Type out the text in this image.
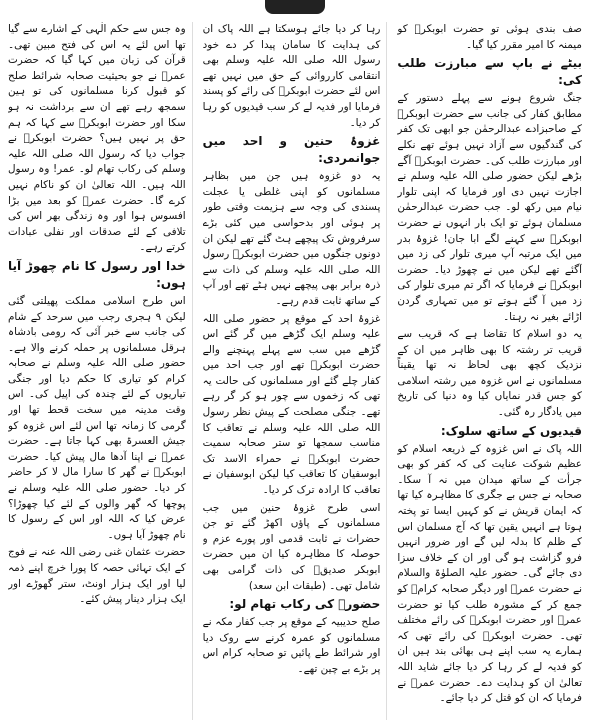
صف بندی ہوئی تو حضرت ابوبکرؓ کو میمنہ کا امیر مقرر کیا گیا۔

بیٹے نے باپ سے مبارزت طلب کی:

جنگ شروع ہونے سے پہلے دستور کے مطابق کفار کی جانب سے حضرت ابوبکرؓ کے صاحبزادے عبدالرحمٰن جو ابھی تک کفر کی گندگیوں سے آزاد نہیں ہوئے تھے نکلے اور مبارزت طلب کی۔ حضرت ابوبکرؓ آگے بڑھے لیکن حضور صلی اللہ علیہ وسلم نے اجازت نہیں دی اور فرمایا کہ اپنی تلوار نیام میں رکھ لو۔ جب حضرت عبدالرحمٰن مسلمان ہوئے تو ایک بار انہوں نے حضرت ابوبکرؓ سے کہنے لگے ابا جان! غزوۂ بدر میں ایک مرتبہ آپ میری تلوار کی زد میں آگئے تھے لیکن میں نے چھوڑ دیا۔ حضرت ابوبکرؓ نے فرمایا کہ اگر تم میری تلوار کی زد میں آ گئے ہوتے تو میں تمہاری گردن اڑائے بغیر نہ رہتا۔

یہ دو اسلام کا تقاضا ہے کہ قریب سے قریب تر رشتہ کا بھی ظاہر میں ان کے نزدیک کچھ بھی لحاظ نہ تھا یقیناً مسلمانوں نے اس غزوہ میں رشتہ اسلامی کو جس قدر نمایاں کیا وہ دنیا کی تاریخ میں یادگار رہ گئی۔

قیدیوں کے ساتھ سلوک:

اللہ پاک نے اس غزوہ کے ذریعہ اسلام کو عظیم شوکت عنایت کی کہ کفر کو بھی جرأت کے ساتھ میدان میں نہ آ سکا۔ صحابہ نے جس بے جگری کا مظاہرہ کیا تھا کہ ایمان قریش نے کو کہیں ایسا تو پختہ ہوتا ہے انہیں یقین تھا کہ آج مسلمان اس کے ظلم کا بدلہ لیں گے اور ضرور انہیں فرو گزاشت ہو گی اور ان کے خلاف سزا دی جائے گی۔ حضور علیہ الصلوٰۃ والسلام نے حضرت عمرؓ اور دیگر صحابہ کرامؓ کو جمع کر کے مشورہ طلب کیا تو حضرت عمرؓ اور حضرت ابوبکرؓ کی رائے مختلف تھی۔ حضرت ابوبکرؓ کی رائے تھی کہ ہمارے یہ سب اپنے ہی بھائی بند ہیں ان کو فدیہ لے کر رہا کر دیا جائے شاید اللہ تعالیٰ ان کو ہدایت دے۔ حضرت عمرؓ نے فرمایا کہ ان کو قتل کر دیا جائے۔

رہا کر دیا جائے ہوسکتا ہے اللہ پاک ان کی ہدایت کا سامان پیدا کر دے خود رسول اللہ صلی اللہ علیہ وسلم بھی انتقامی کارروائی کے حق میں نہیں تھے اس لئے حضرت ابوبکرؓ کی رائے کو پسند فرمایا اور فدیہ لے کر سب قیدیوں کو رہا کر دیا۔

غزوۂ حنین و احد میں جوانمردی:

یہ دو غزوہ ہیں جن میں بظاہر مسلمانوں کو اپنی غلطی یا عجلت پسندی کی وجہ سے ہزیمت وقتی طور پر ہوئی اور بدحواسی میں کئی بڑے سرفروش تک پیچھے ہٹ گئے تھے لیکن ان دونوں جنگوں میں حضرت ابوبکرؓ رسول اللہ صلی اللہ علیہ وسلم کی ذات سے ذرہ برابر بھی پیچھے نہیں ہٹے تھے اور آپ کے ساتھ ثابت قدم رہے۔

غزوۂ احد کے موقع پر حضور صلی اللہ علیہ وسلم ایک گڑھے میں گر گئے اس گڑھے میں سب سے پہلے پہنچنے والے حضرت ابوبکرؓ تھے اور جب احد میں کفار چلے گئے اور مسلمانوں کی حالت یہ تھی کہ زخموں سے چور ہو کر گر رہے تھے۔ جنگی مصلحت کے پیش نظر رسول اللہ صلی اللہ علیہ وسلم نے تعاقب کا مناسب سمجھا تو ستر صحابہ سمیت حضرت ابوبکرؓ نے حمراء الاسد تک ابوسفیان کا تعاقب کیا لیکن ابوسفیان نے تعاقب کا ارادہ ترک کر دیا۔

اسی طرح غزوۂ حنین میں جب مسلمانوں کے پاؤں اکھڑ گئے تو جن حضرات نے ثابت قدمی اور پورے عزم و حوصلہ کا مظاہرہ کیا ان میں حضرت ابوبکر صدیقؓ کی ذات گرامی بھی شامل تھی۔ (طبقات ابن سعد)

حضورؐ کی رکاب تھام لو:

صلح حدیبیہ کے موقع پر جب کفار مکہ نے مسلمانوں کو عمرہ کرنے سے روک دیا اور شرائط طے پائیں تو صحابہ کرام اس پر بڑے بے چین تھے۔

وہ جس سے حکم الٰہی کے اشارے سے گیا تھا اس لئے یہ اس کی فتح مبین تھی۔ قرآن کی زبان میں کہا گیا کہ حضرت عمرؓ نے جو بحیثیت صحابہ شرائط صلح کو قبول کرنا مسلمانوں کی تو ہین سمجھ رہے تھے ان سے برداشت نہ ہو سکا اور حضرت ابوبکرؓ سے کہا کہ ہم حق پر نہیں ہیں؟ حضرت ابوبکرؓ نے جواب دیا کہ رسول اللہ صلی اللہ علیہ وسلم کی رکاب تھام لو۔ عمر! وہ رسول اللہ ہیں۔ اللہ تعالیٰ ان کو ناکام نہیں کرے گا۔ حضرت عمرؓ کو بعد میں بڑا افسوس ہوا اور وہ زندگی بھر اس کی تلافی کے لئے صدقات اور نفلی عبادات کرتے رہے۔

خدا اور رسول کا نام چھوڑ آیا ہوں:

اس طرح اسلامی مملکت پھیلتی گئی لیکن ۹ ہجری رجب میں سرحد کے شام کی جانب سے خبر آئی کہ رومی بادشاہ ہرقل مسلمانوں پر حملہ کرنے والا ہے۔ حضور صلی اللہ علیہ وسلم نے صحابہ کرام کو تیاری کا حکم دیا اور جنگی تیاریوں کے لئے چندہ کی اپیل کی۔ اس وقت مدینہ میں سخت قحط تھا اور گرمی کا زمانہ تھا اس لئے اس غزوہ کو جیش العسرۃ بھی کہا جاتا ہے۔ حضرت عمرؓ نے اپنا آدھا مال پیش کیا۔ حضرت ابوبکرؓ نے گھر کا سارا مال لا کر حاضر کر دیا۔ حضور صلی اللہ علیہ وسلم نے پوچھا کہ گھر والوں کے لئے کیا چھوڑا؟ عرض کیا کہ اللہ اور اس کے رسول کا نام چھوڑ آیا ہوں۔

حضرت عثمان غنی رضی اللہ عنہ نے فوج کے ایک تہائی حصہ کا پورا خرچ اپنے ذمہ لیا اور ایک ہزار اونٹ، ستر گھوڑے اور ایک ہزار دینار پیش کئے۔
